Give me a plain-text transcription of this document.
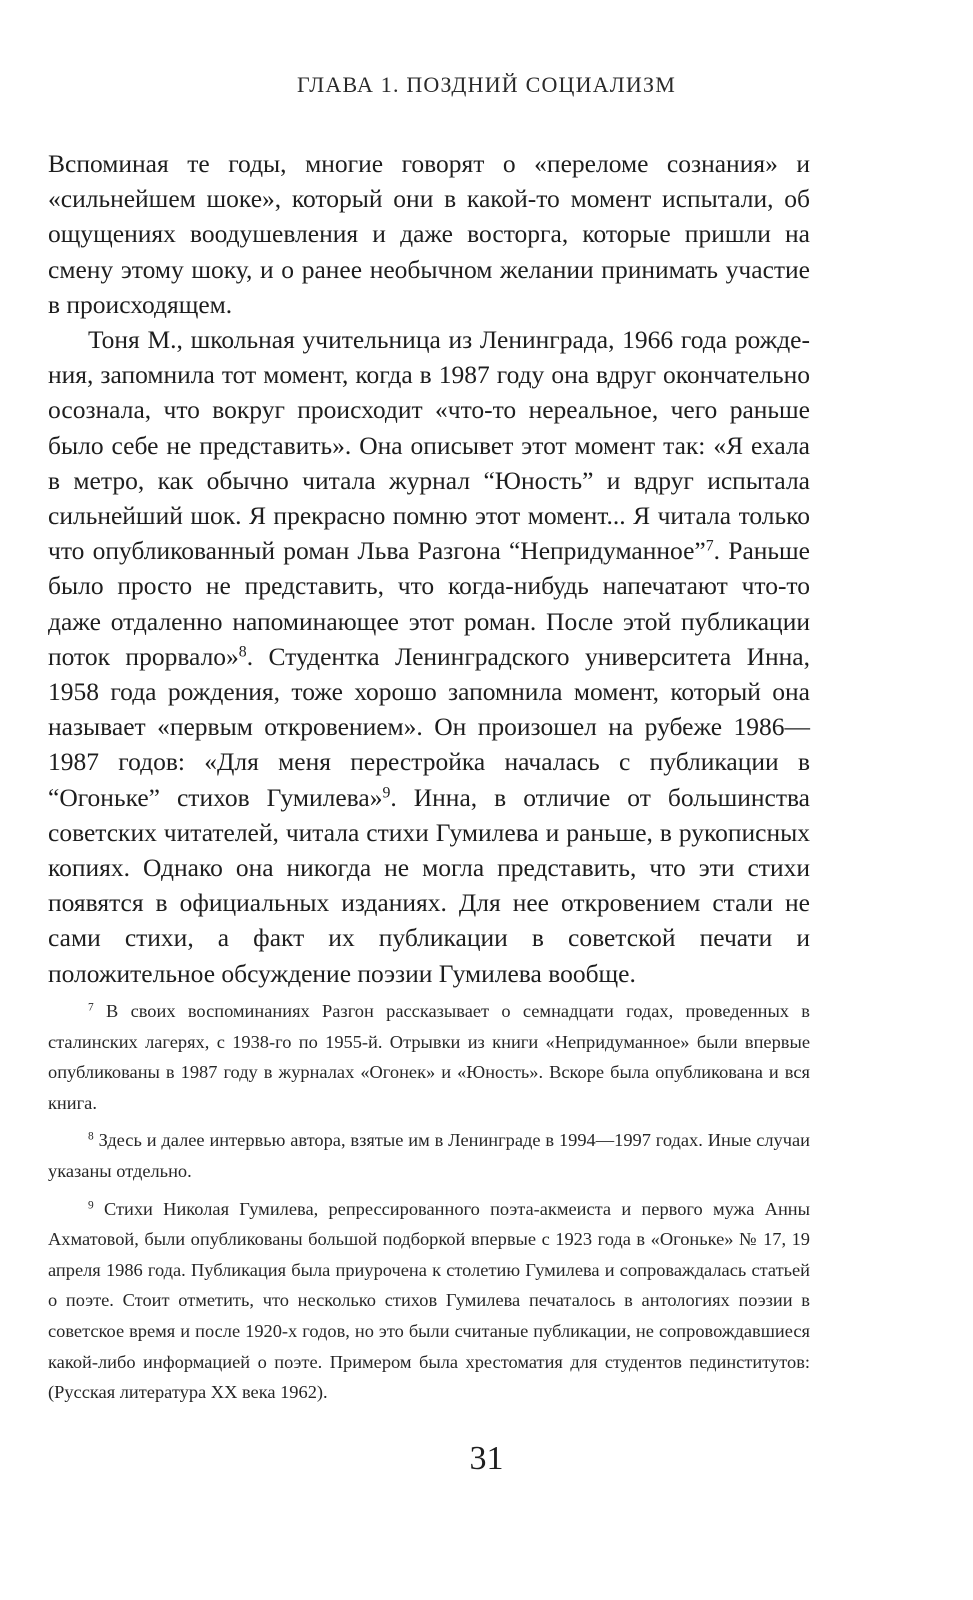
ГЛАВА 1. ПОЗДНИЙ СОЦИАЛИЗМ

Вспоминая те годы, многие говорят о «переломе сознания» и «сильнейшем шоке», который они в какой-то момент испытали, об ощущениях воодушевления и даже восторга, которые пришли на смену этому шоку, и о ранее необычном желании принимать участие в происходящем.

Тоня М., школьная учительница из Ленинграда, 1966 года рождения, запомнила тот момент, когда в 1987 году она вдруг окончательно осознала, что вокруг происходит «что-то нереальное, чего раньше было себе не представить». Она описывет этот момент так: «Я ехала в метро, как обычно читала журнал “Юность” и вдруг испытала сильнейший шок. Я прекрасно помню этот момент... Я читала только что опубликованный роман Льва Разгона “Непридуманное”$^7$. Раньше было просто не представить, что когда-нибудь напечатают что-то даже отдаленно напоминающее этот роман. После этой публикации поток прорвало»$^8$. Студентка Ленинградского университета Инна, 1958 года рождения, тоже хорошо запомнила момент, который она называет «первым откровением». Он произошел на рубеже 1986—1987 годов: «Для меня перестройка началась с публикации в “Огоньке” стихов Гумилева»$^9$. Инна, в отличие от большинства советских читателей, читала стихи Гумилева и раньше, в рукописных копиях. Однако она никогда не могла представить, что эти стихи появятся в официальных изданиях. Для нее откровением стали не сами стихи, а факт их публикации в советской печати и положительное обсуждение поэзии Гумилева вообще.

$^7$ В своих воспоминаниях Разгон рассказывает о семнадцати годах, проведенных в сталинских лагерях, с 1938-го по 1955-й. Отрывки из книги «Непридуманное» были впервые опубликованы в 1987 году в журналах «Огонек» и «Юность». Вскоре была опубликована и вся книга.

$^8$ Здесь и далее интервью автора, взятые им в Ленинграде в 1994—1997 годах. Иные случаи указаны отдельно.

$^9$ Стихи Николая Гумилева, репрессированного поэта-акмеиста и первого мужа Анны Ахматовой, были опубликованы большой подборкой впервые с 1923 года в «Огоньке» № 17, 19 апреля 1986 года. Публикация была приурочена к столетию Гумилева и сопроваждалась статьей о поэте. Стоит отметить, что несколько стихов Гумилева печаталось в антологиях поэзии в советское время и после 1920-х годов, но это были считаные публикации, не сопровождавшиеся какой-либо информацией о поэте. Примером была хрестоматия для студентов пединститутов: (Русская литература XX века 1962).

31
